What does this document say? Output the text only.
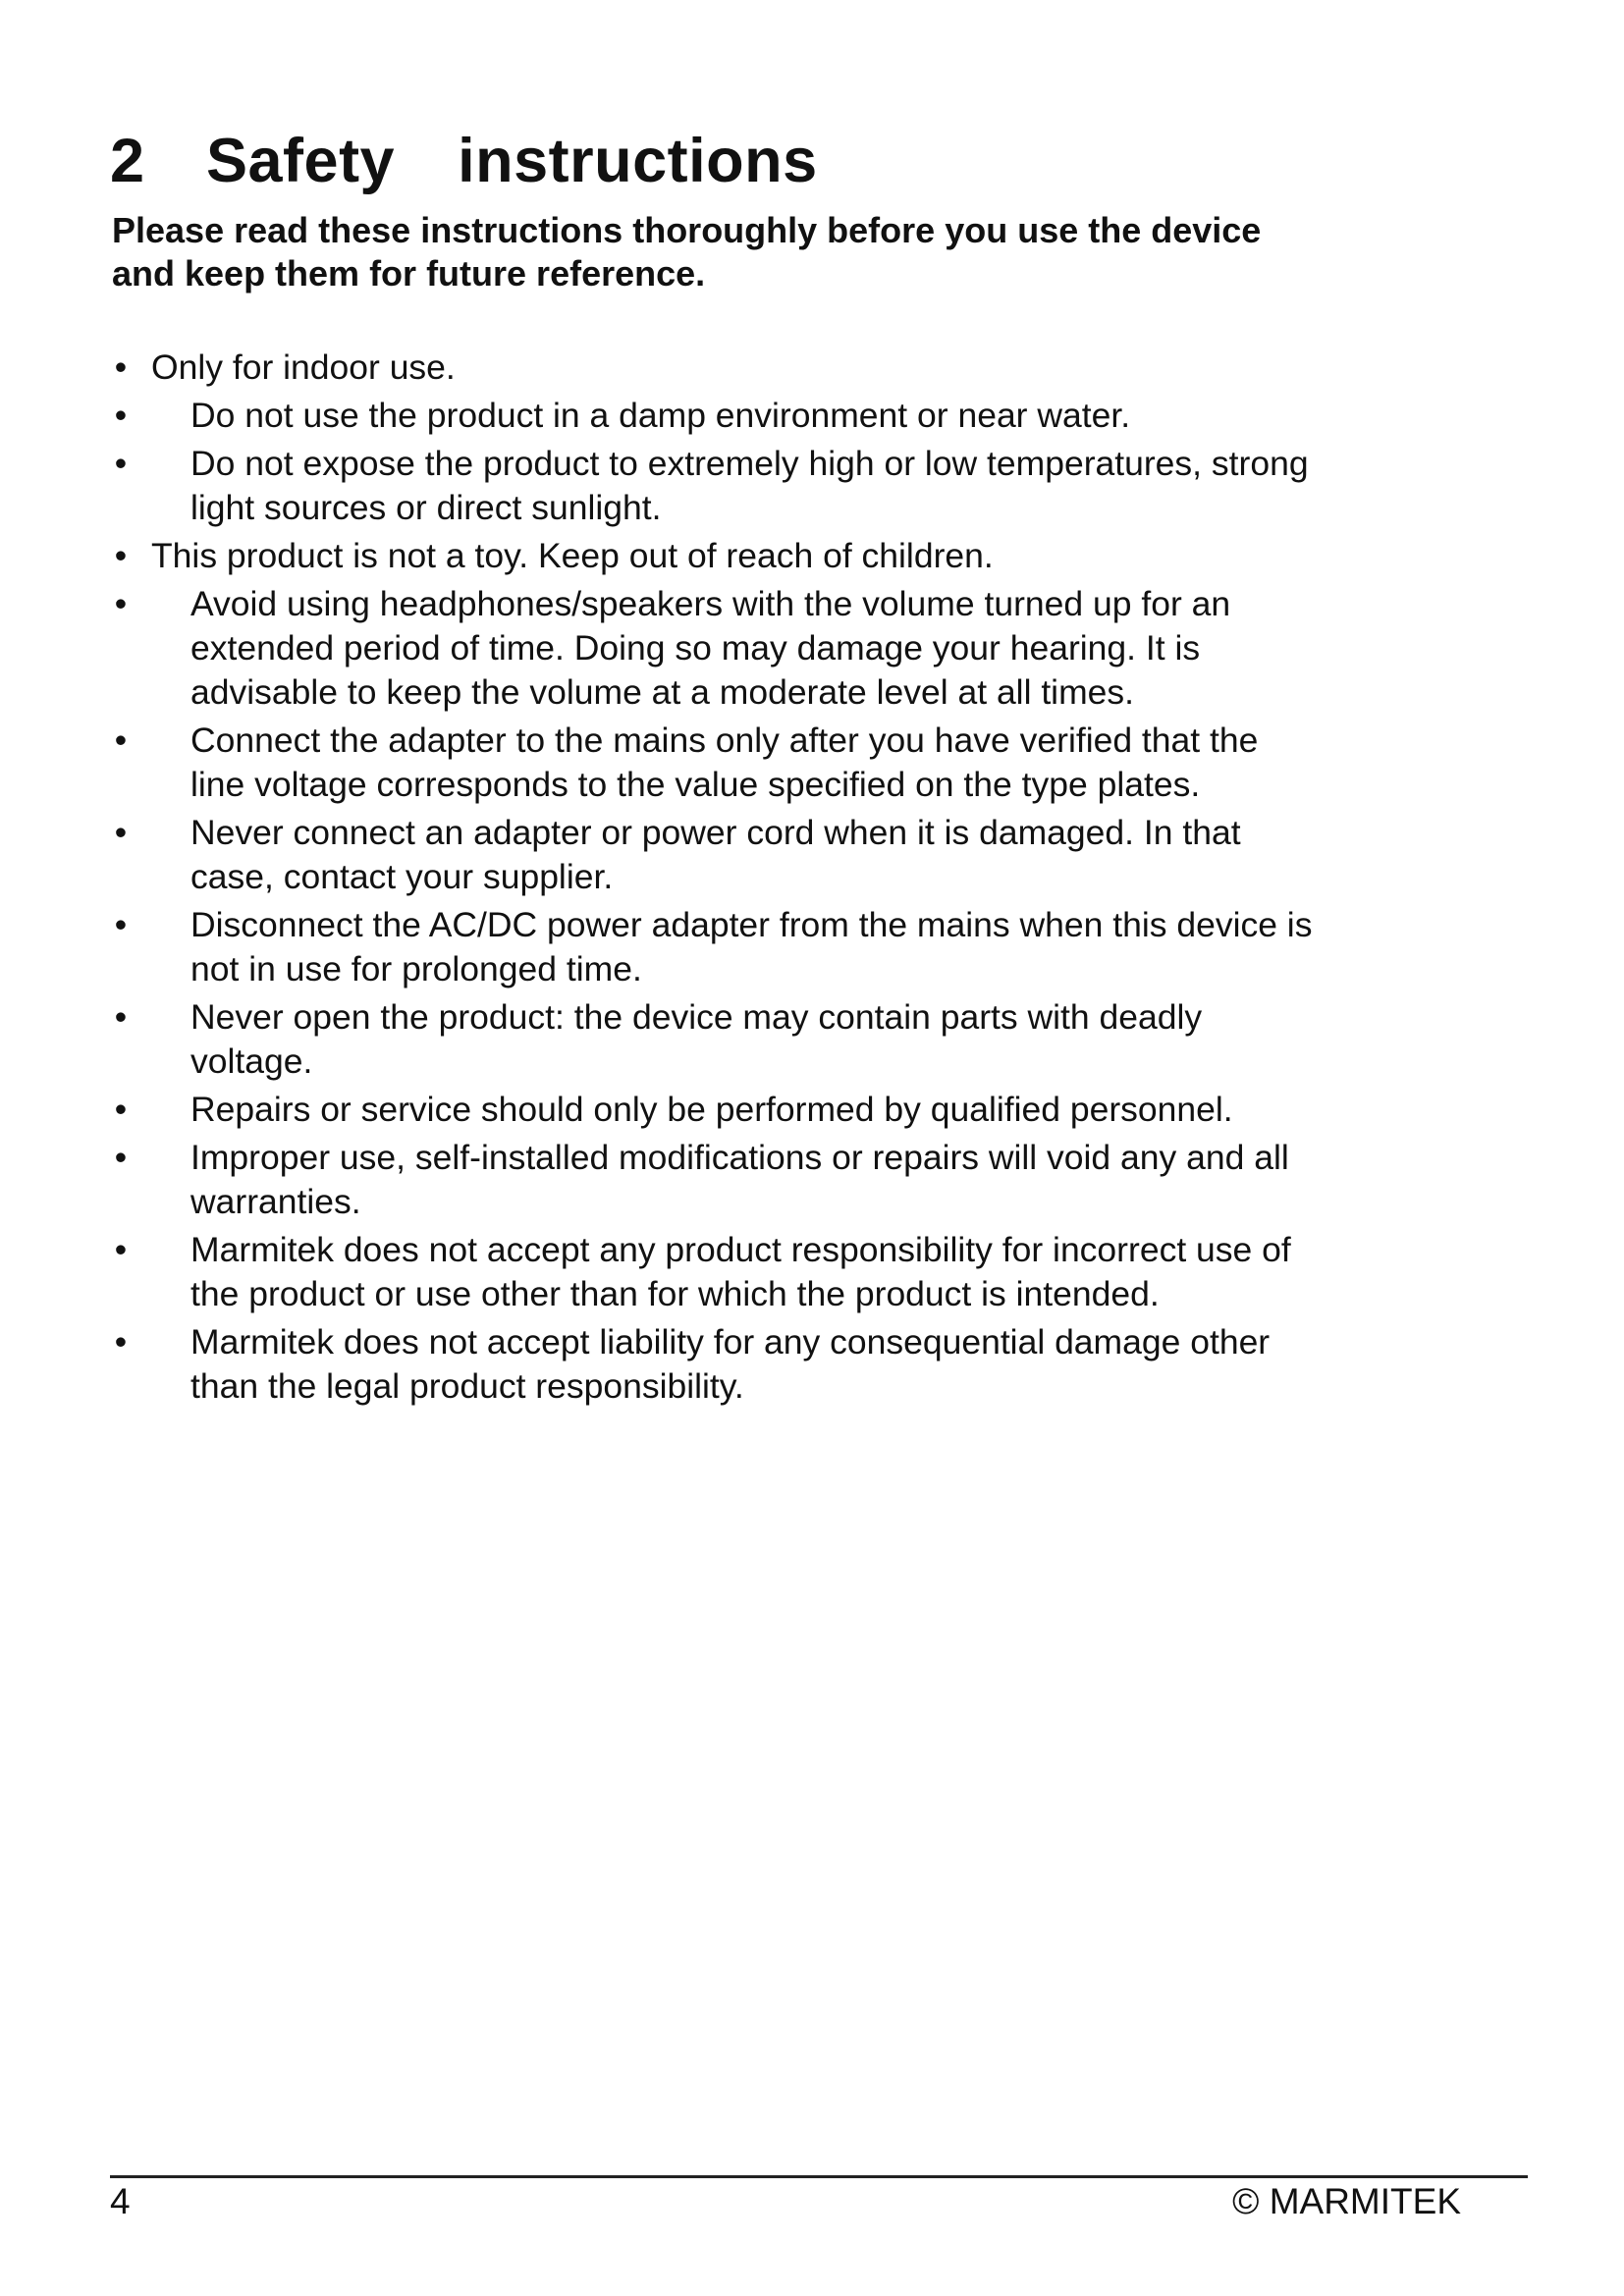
2 Safety instructions
Please read these instructions thoroughly before you use the device
and keep them for future reference.
• Only for indoor use.
• Do not use the product in a damp environment or near water.
• Do not expose the product to extremely high or low temperatures, strong
light sources or direct sunlight.
• This product is not a toy. Keep out of reach of children.
• Avoid using headphones/speakers with the volume turned up for an
extended period of time. Doing so may damage your hearing. It is
advisable to keep the volume at a moderate level at all times.
• Connect the adapter to the mains only after you have verified that the
line voltage corresponds to the value specified on the type plates.
• Never connect an adapter or power cord when it is damaged. In that
case, contact your supplier.
• Disconnect the AC/DC power adapter from the mains when this device is
not in use for prolonged time.
• Never open the product: the device may contain parts with deadly
voltage.
• Repairs or service should only be performed by qualified personnel.
• Improper use, self-installed modifications or repairs will void any and all
warranties.
• Marmitek does not accept any product responsibility for incorrect use of
the product or use other than for which the product is intended.
• Marmitek does not accept liability for any consequential damage other
than the legal product responsibility.
4	© MARMITEK
